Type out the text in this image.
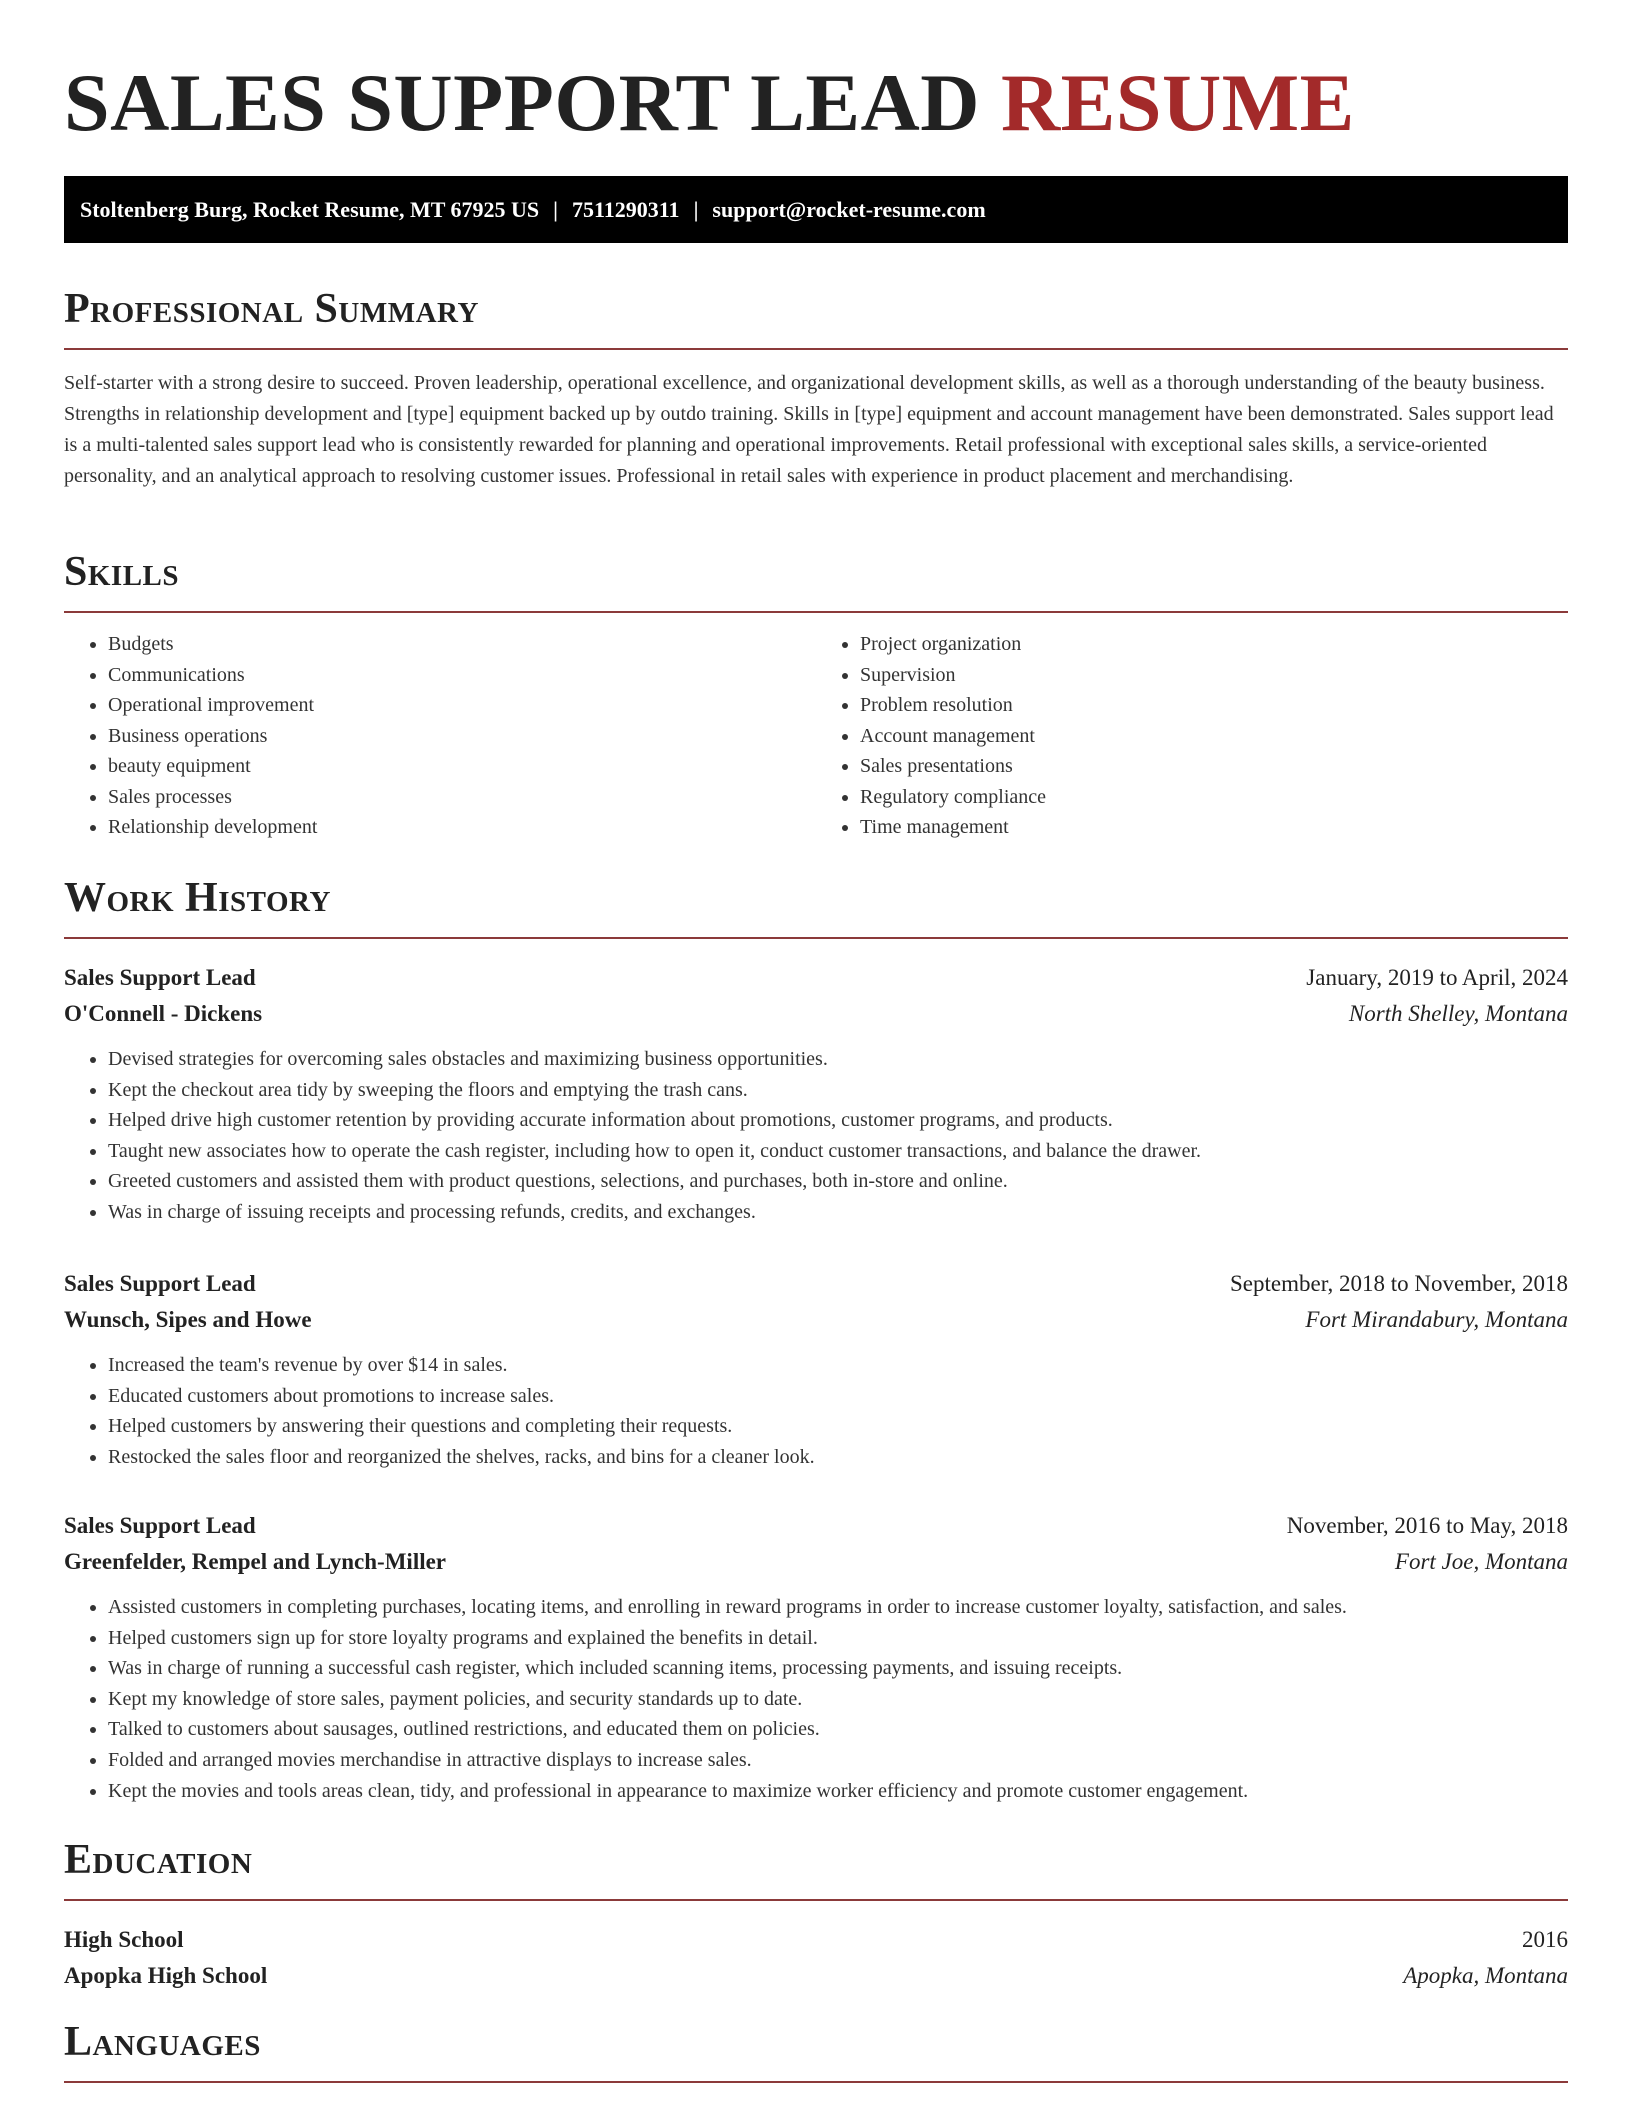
SALES SUPPORT LEAD RESUME
Stoltenberg Burg, Rocket Resume, MT 67925 US | 7511290311 | support@rocket-resume.com
Professional Summary

Self-starter with a strong desire to succeed. Proven leadership, operational excellence, and organizational development skills, as well as a thorough understanding of the beauty business. Strengths in relationship development and [type] equipment backed up by outdo training. Skills in [type] equipment and account management have been demonstrated. Sales support lead is a multi-talented sales support lead who is consistently rewarded for planning and operational improvements. Retail professional with exceptional sales skills, a service-oriented personality, and an analytical approach to resolving customer issues. Professional in retail sales with experience in product placement and merchandising.

Skills
• Budgets
• Communications
• Operational improvement
• Business operations
• beauty equipment
• Sales processes
• Relationship development
• Project organization
• Supervision
• Problem resolution
• Account management
• Sales presentations
• Regulatory compliance
• Time management
Work History
Sales Support Lead	January, 2019 to April, 2024
O'Connell - Dickens	North Shelley, Montana
• Devised strategies for overcoming sales obstacles and maximizing business opportunities.
• Kept the checkout area tidy by sweeping the floors and emptying the trash cans.
• Helped drive high customer retention by providing accurate information about promotions, customer programs, and products.
• Taught new associates how to operate the cash register, including how to open it, conduct customer transactions, and balance the drawer.
• Greeted customers and assisted them with product questions, selections, and purchases, both in-store and online.
• Was in charge of issuing receipts and processing refunds, credits, and exchanges.
Sales Support Lead	September, 2018 to November, 2018
Wunsch, Sipes and Howe	Fort Mirandabury, Montana
• Increased the team's revenue by over $14 in sales.
• Educated customers about promotions to increase sales.
• Helped customers by answering their questions and completing their requests.
• Restocked the sales floor and reorganized the shelves, racks, and bins for a cleaner look.
Sales Support Lead	November, 2016 to May, 2018
Greenfelder, Rempel and Lynch-Miller	Fort Joe, Montana
• Assisted customers in completing purchases, locating items, and enrolling in reward programs in order to increase customer loyalty, satisfaction, and sales.
• Helped customers sign up for store loyalty programs and explained the benefits in detail.
• Was in charge of running a successful cash register, which included scanning items, processing payments, and issuing receipts.
• Kept my knowledge of store sales, payment policies, and security standards up to date.
• Talked to customers about sausages, outlined restrictions, and educated them on policies.
• Folded and arranged movies merchandise in attractive displays to increase sales.
• Kept the movies and tools areas clean, tidy, and professional in appearance to maximize worker efficiency and promote customer engagement.
Education
High School	2016
Apopka High School	Apopka, Montana
Languages
